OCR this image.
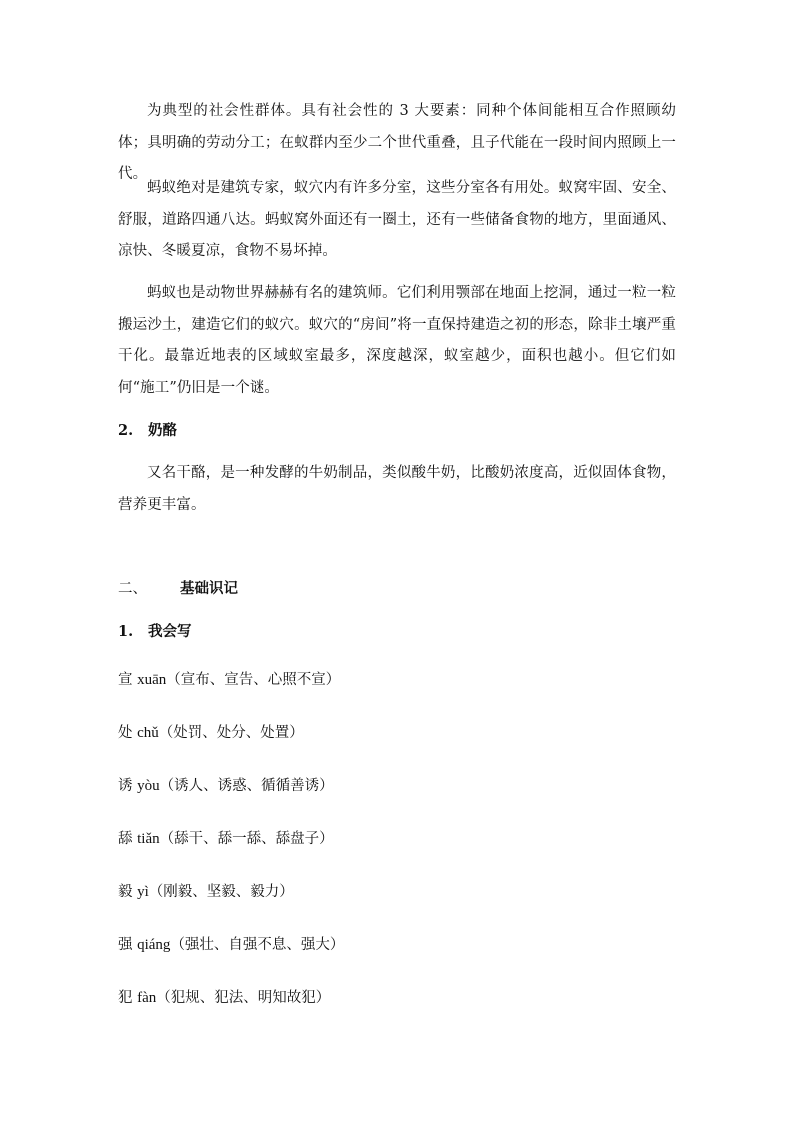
为典型的社会性群体。具有社会性的 3 大要素：同种个体间能相互合作照顾幼体；具明确的劳动分工；在蚁群内至少二个世代重叠，且子代能在一段时间内照顾上一代。

蚂蚁绝对是建筑专家，蚁穴内有许多分室，这些分室各有用处。蚁窝牢固、安全、舒服，道路四通八达。蚂蚁窝外面还有一圈土，还有一些储备食物的地方，里面通风、凉快、冬暖夏凉，食物不易坏掉。

蚂蚁也是动物世界赫赫有名的建筑师。它们利用颚部在地面上挖洞，通过一粒一粒搬运沙土，建造它们的蚁穴。蚁穴的“房间”将一直保持建造之初的形态，除非土壤严重干化。最靠近地表的区域蚁室最多，深度越深，蚁室越少，面积也越小。但它们如何“施工”仍旧是一个谜。

2. 奶酪

又名干酪，是一种发酵的牛奶制品，类似酸牛奶，比酸奶浓度高，近似固体食物，营养更丰富。

二、 基础识记
1. 我会写
宣 xuān（宣布、宣告、心照不宣）
处 chǔ（处罚、处分、处置）
诱 yòu（诱人、诱惑、循循善诱）
舔 tiǎn（舔干、舔一舔、舔盘子）
毅 yì（刚毅、坚毅、毅力）
强 qiáng（强壮、自强不息、强大）
犯 fàn（犯规、犯法、明知故犯）
